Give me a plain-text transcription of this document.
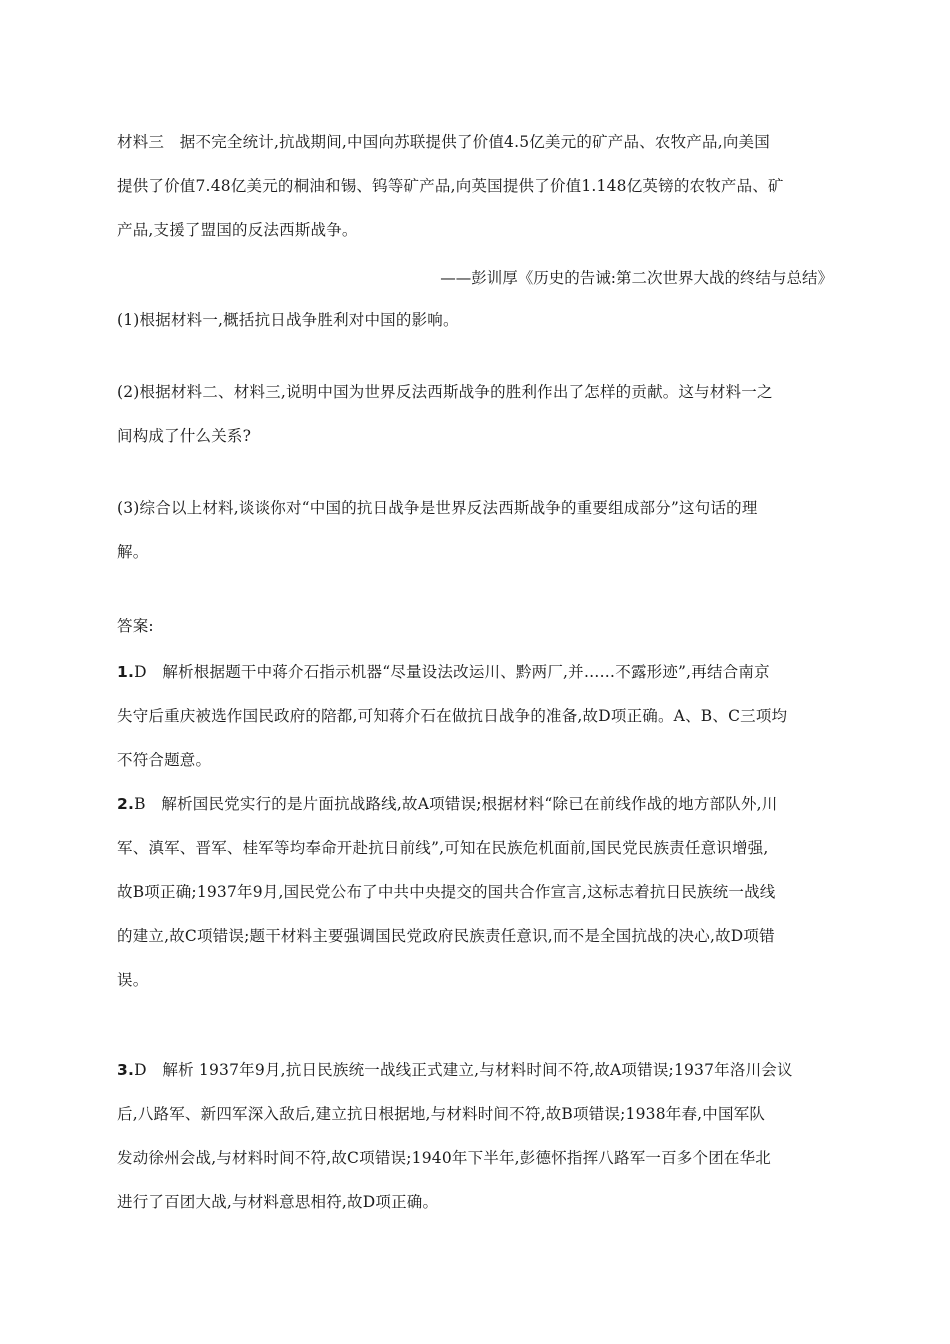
材料三　据不完全统计,抗战期间,中国向苏联提供了价值4.5亿美元的矿产品、农牧产品,向美国
提供了价值7.48亿美元的桐油和锡、钨等矿产品,向英国提供了价值1.148亿英镑的农牧产品、矿
产品,支援了盟国的反法西斯战争。
——彭训厚《历史的告诫:第二次世界大战的终结与总结》
(1)根据材料一,概括抗日战争胜利对中国的影响。
(2)根据材料二、材料三,说明中国为世界反法西斯战争的胜利作出了怎样的贡献。这与材料一之
间构成了什么关系?
(3)综合以上材料,谈谈你对“中国的抗日战争是世界反法西斯战争的重要组成部分”这句话的理
解。
答案:
1.D　解析根据题干中蒋介石指示机器“尽量设法改运川、黔两厂,并……不露形迹”,再结合南京
失守后重庆被选作国民政府的陪都,可知蒋介石在做抗日战争的准备,故D项正确。A、B、C三项均
不符合题意。
2.B　解析国民党实行的是片面抗战路线,故A项错误;根据材料“除已在前线作战的地方部队外,川
军、滇军、晋军、桂军等均奉命开赴抗日前线”,可知在民族危机面前,国民党民族责任意识增强,
故B项正确;1937年9月,国民党公布了中共中央提交的国共合作宣言,这标志着抗日民族统一战线
的建立,故C项错误;题干材料主要强调国民党政府民族责任意识,而不是全国抗战的决心,故D项错
误。
3.D　解析 1937年9月,抗日民族统一战线正式建立,与材料时间不符,故A项错误;1937年洛川会议
后,八路军、新四军深入敌后,建立抗日根据地,与材料时间不符,故B项错误;1938年春,中国军队
发动徐州会战,与材料时间不符,故C项错误;1940年下半年,彭德怀指挥八路军一百多个团在华北
进行了百团大战,与材料意思相符,故D项正确。
